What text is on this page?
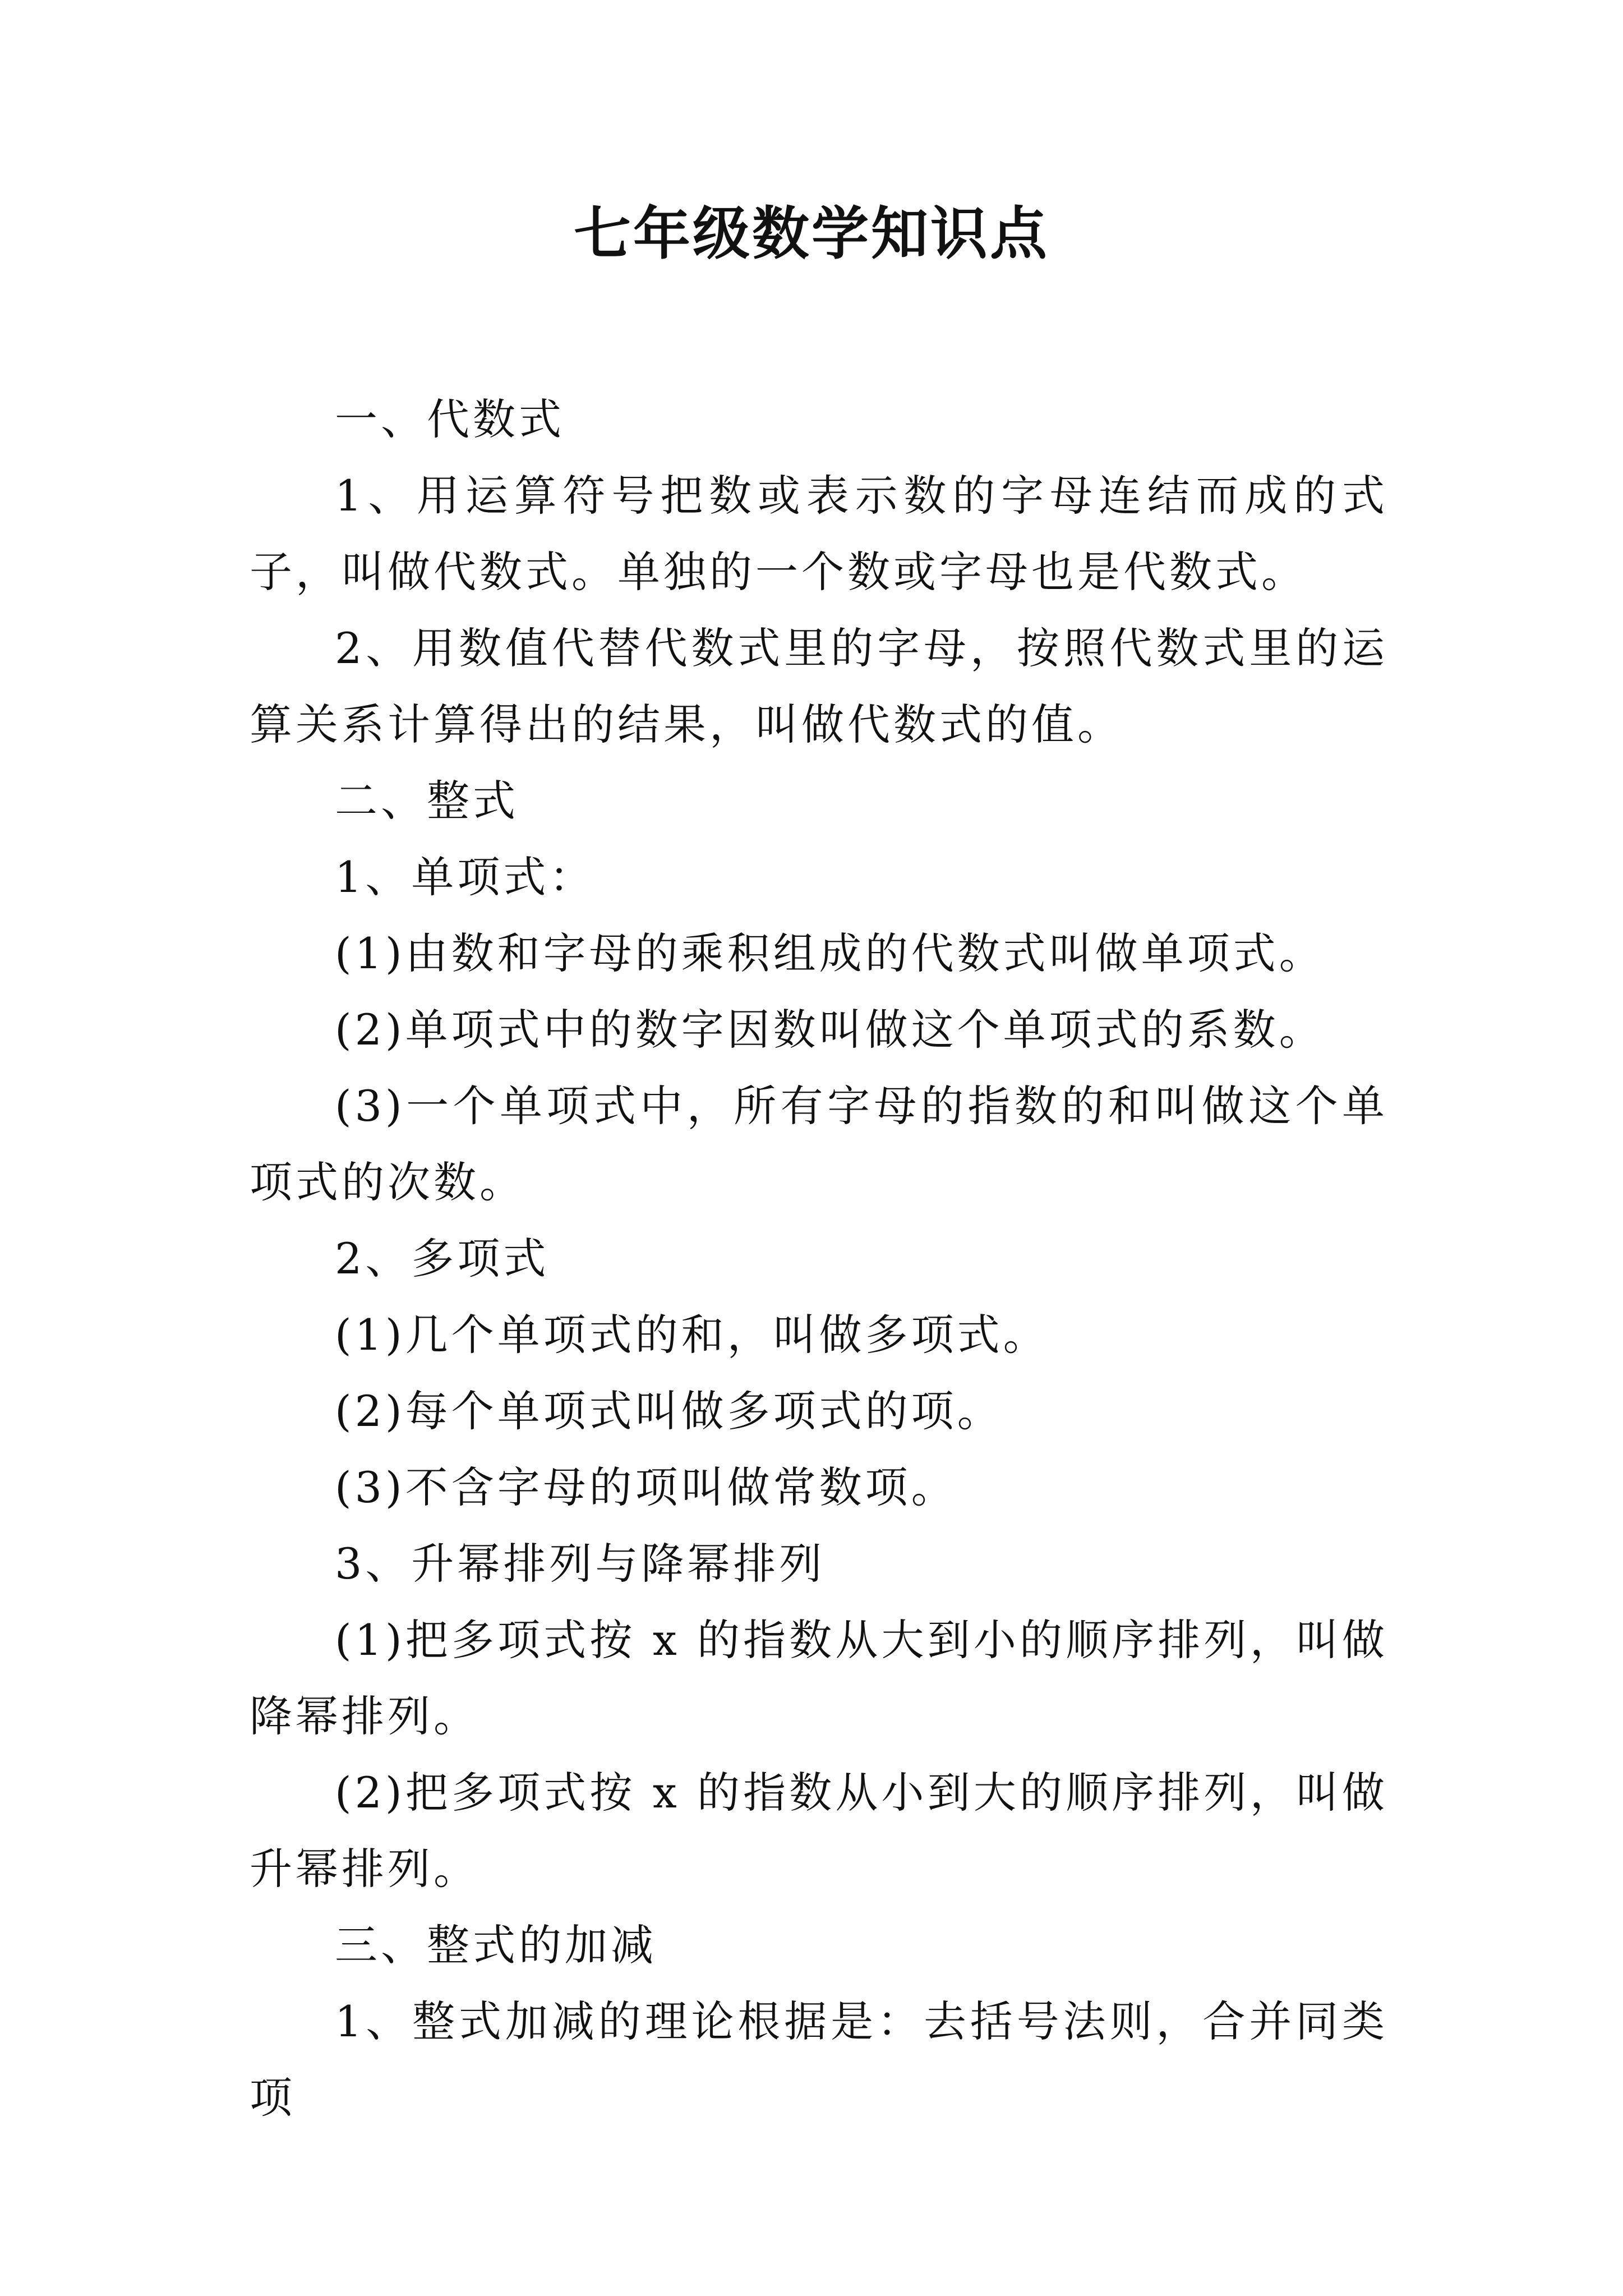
七年级数学知识点

一、代数式

1、用运算符号把数或表示数的字母连结而成的式子，叫做代数式。单独的一个数或字母也是代数式。

2、用数值代替代数式里的字母，按照代数式里的运算关系计算得出的结果，叫做代数式的值。

二、整式

1、单项式：

(1)由数和字母的乘积组成的代数式叫做单项式。

(2)单项式中的数字因数叫做这个单项式的系数。

(3)一个单项式中，所有字母的指数的和叫做这个单项式的次数。

2、多项式

(1)几个单项式的和，叫做多项式。

(2)每个单项式叫做多项式的项。

(3)不含字母的项叫做常数项。

3、升幂排列与降幂排列

(1)把多项式按 x 的指数从大到小的顺序排列，叫做降幂排列。

(2)把多项式按 x 的指数从小到大的顺序排列，叫做升幂排列。

三、整式的加减

1、整式加减的理论根据是：去括号法则，合并同类项
